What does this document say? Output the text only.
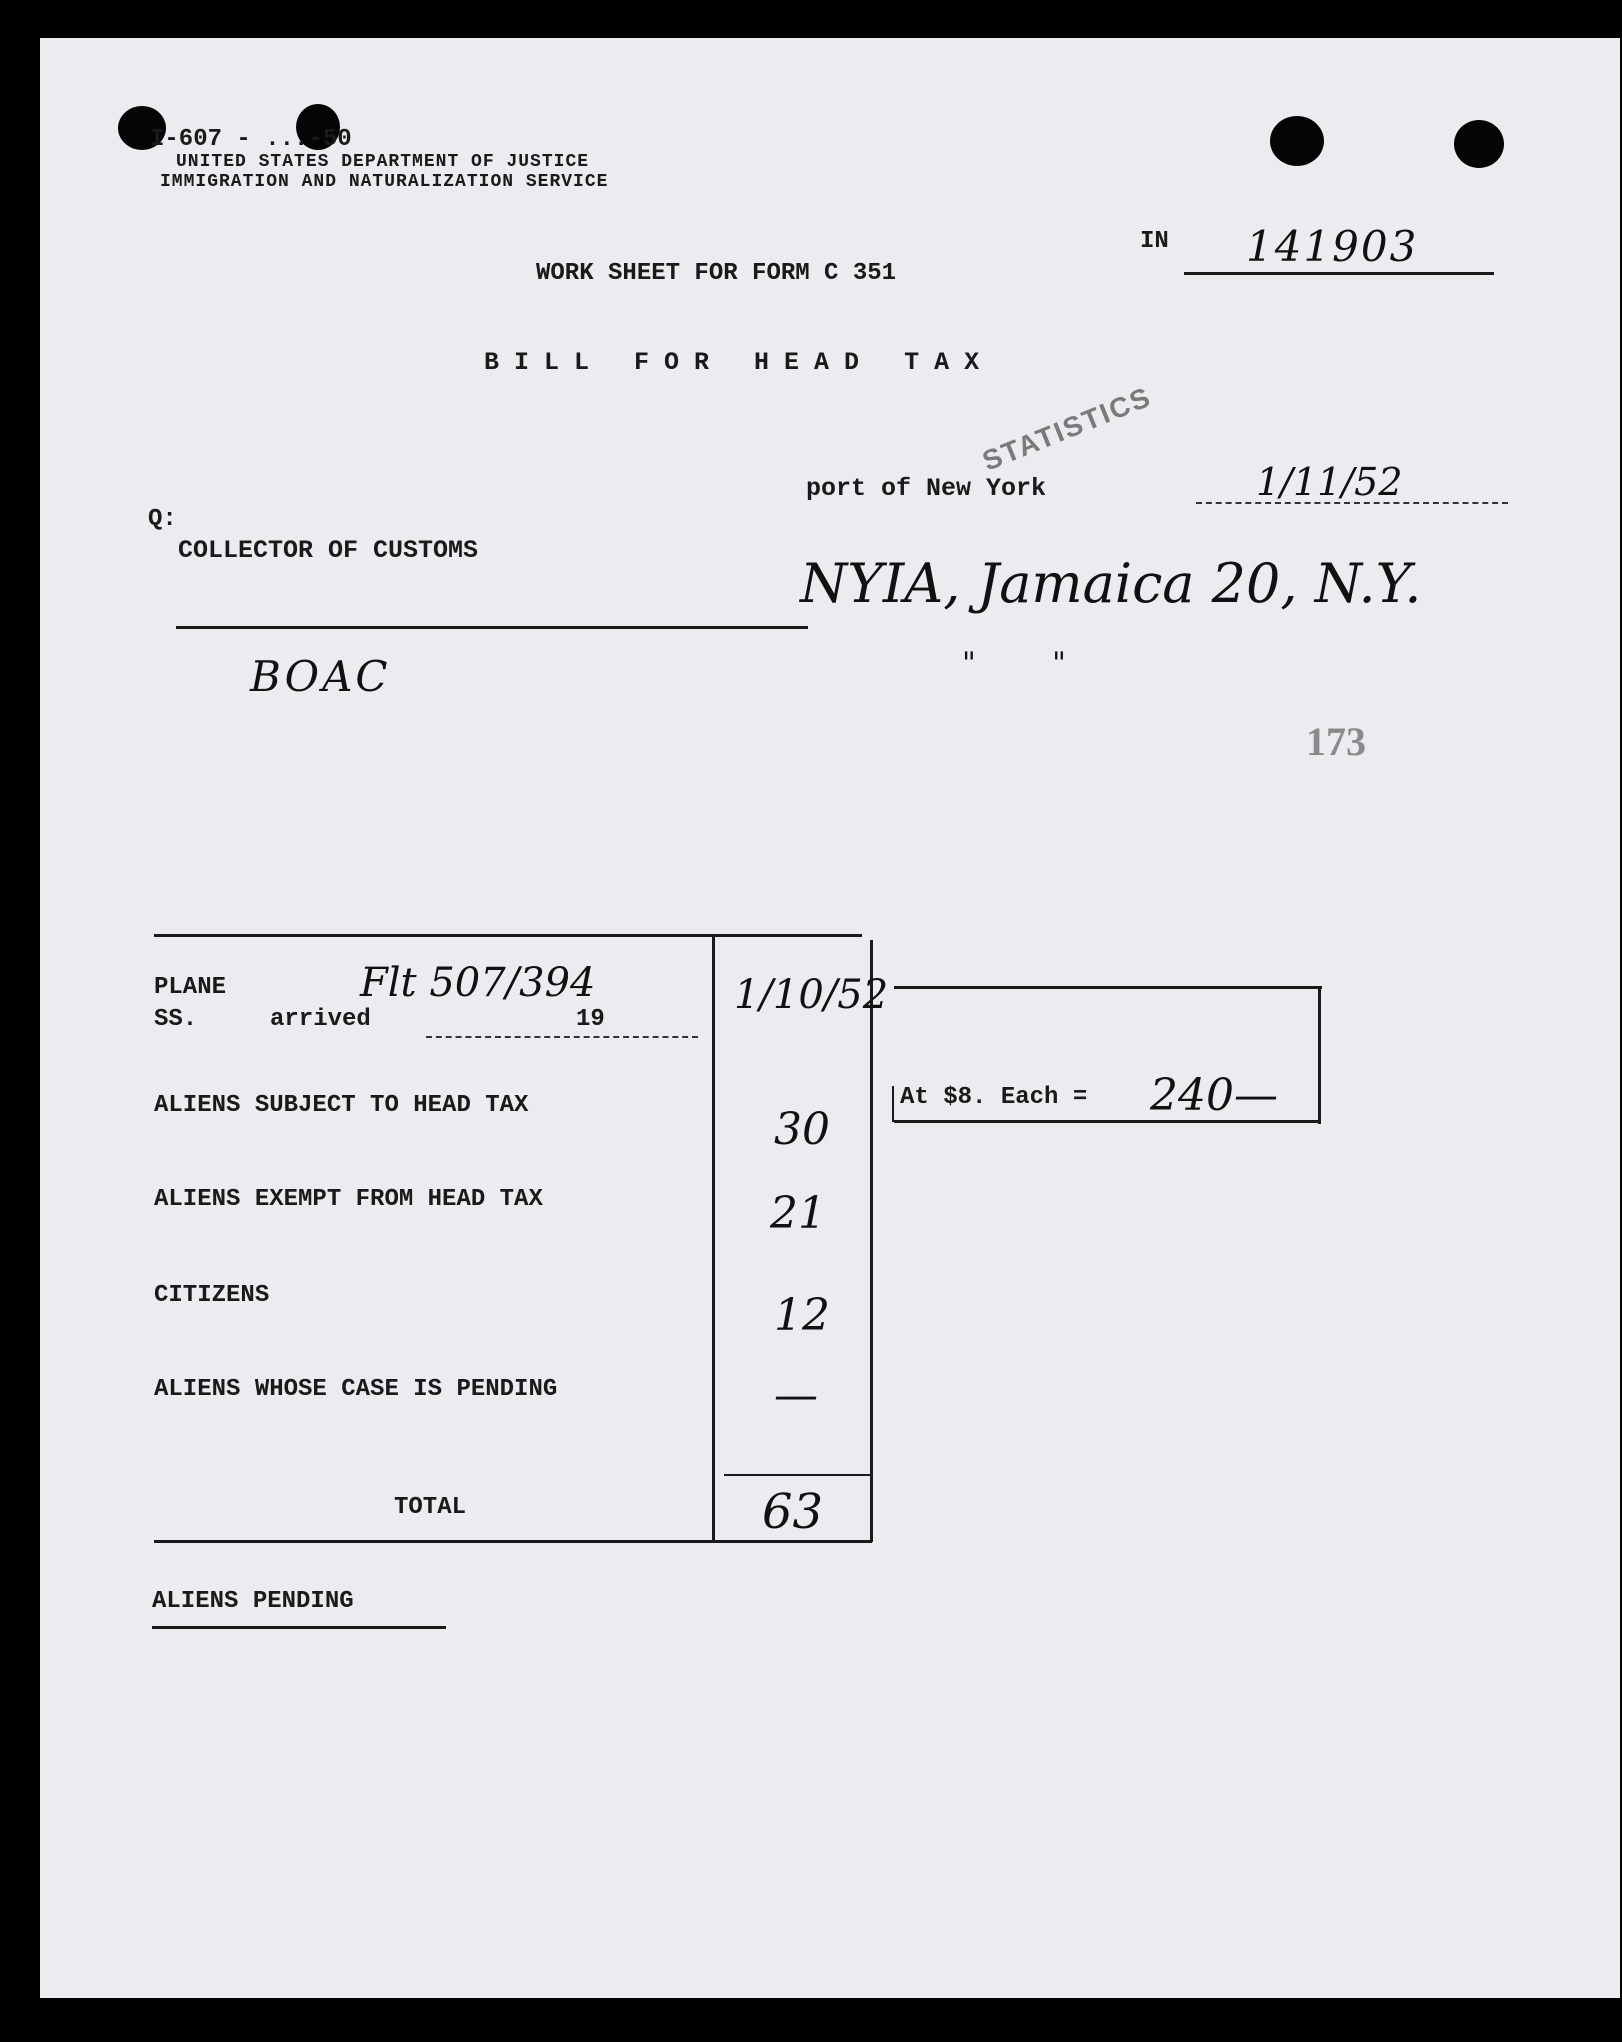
I-607 - ...-50
UNITED STATES DEPARTMENT OF JUSTICE
IMMIGRATION AND NATURALIZATION SERVICE
IN 141903
WORK SHEET FOR FORM C 351
B I L L   F O R   H E A D   T A X
STATISTICS
port of New York	1/11/52
Q:
COLLECTOR OF CUSTOMS
NYIA, Jamaica 20, N.Y.
"        "
BOAC
173
PLANE
SS.	arrived	19
Flt 507/394	1/10/52
ALIENS SUBJECT TO HEAD TAX	30
ALIENS EXEMPT FROM HEAD TAX	21
CITIZENS	12
ALIENS WHOSE CASE IS PENDING	—
TOTAL	63
At $8. Each = 240—
ALIENS PENDING
